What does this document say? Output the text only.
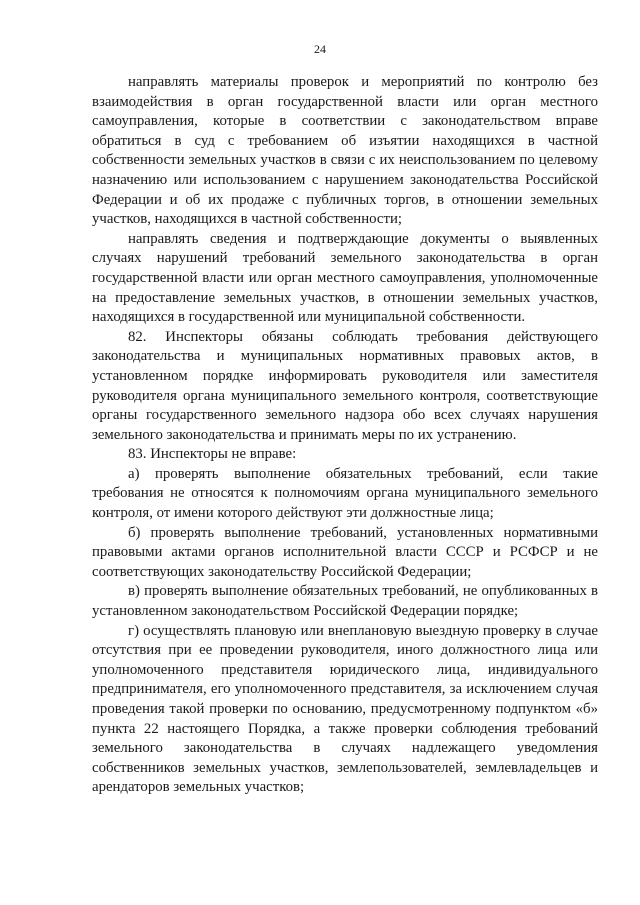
24

направлять материалы проверок и мероприятий по контролю без взаимодействия в орган государственной власти или орган местного самоуправления, которые в соответствии с законодательством вправе обратиться в суд с требованием об изъятии находящихся в частной собственности земельных участков в связи с их неиспользованием по целевому назначению или использованием с нарушением законодательства Российской Федерации и об их продаже с публичных торгов, в отношении земельных участков, находящихся в частной собственности;

направлять сведения и подтверждающие документы о выявленных случаях нарушений требований земельного законодательства в орган государственной власти или орган местного самоуправления, уполномоченные на предоставление земельных участков, в отношении земельных участков, находящихся в государственной или муниципальной собственности.

82. Инспекторы обязаны соблюдать требования действующего законодательства и муниципальных нормативных правовых актов, в установленном порядке информировать руководителя или заместителя руководителя органа муниципального земельного контроля, соответствующие органы государственного земельного надзора обо всех случаях нарушения земельного законодательства и принимать меры по их устранению.

83. Инспекторы не вправе:

а) проверять выполнение обязательных требований, если такие требования не относятся к полномочиям органа муниципального земельного контроля, от имени которого действуют эти должностные лица;

б) проверять выполнение требований, установленных нормативными правовыми актами органов исполнительной власти СССР и РСФСР и не соответствующих законодательству Российской Федерации;

в) проверять выполнение обязательных требований, не опубликованных в установленном законодательством Российской Федерации порядке;

г) осуществлять плановую или внеплановую выездную проверку в случае отсутствия при ее проведении руководителя, иного должностного лица или уполномоченного представителя юридического лица, индивидуального предпринимателя, его уполномоченного представителя, за исключением случая проведения такой проверки по основанию, предусмотренному подпунктом «б» пункта 22 настоящего Порядка, а также проверки соблюдения требований земельного законодательства в случаях надлежащего уведомления собственников земельных участков, землепользователей, землевладельцев и арендаторов земельных участков;
